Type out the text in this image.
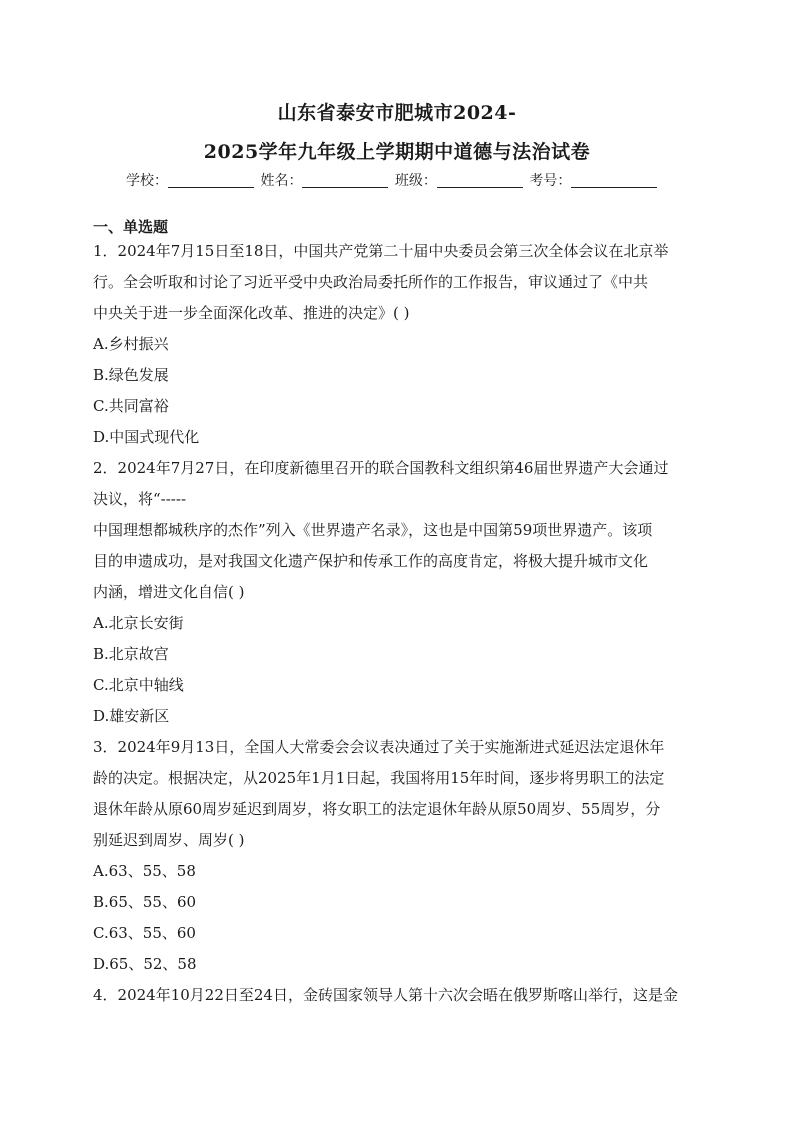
山东省泰安市肥城市2024-
2025学年九年级上学期期中道德与法治试卷
学校：	姓名：	班级：	考号：
一、单选题
1．2024年7月15日至18日，中国共产党第二十届中央委员会第三次全体会议在北京举
行。全会听取和讨论了习近平受中央政治局委托所作的工作报告，审议通过了《中共
中央关于进一步全面深化改革、推进的决定》( )
A.乡村振兴
B.绿色发展
C.共同富裕
D.中国式现代化
2．2024年7月27日，在印度新德里召开的联合国教科文组织第46届世界遗产大会通过
决议，将“-----
中国理想都城秩序的杰作”列入《世界遗产名录》，这也是中国第59项世界遗产。该项
目的申遗成功，是对我国文化遗产保护和传承工作的高度肯定，将极大提升城市文化
内涵，增进文化自信( )
A.北京长安街
B.北京故宫
C.北京中轴线
D.雄安新区
3．2024年9月13日，全国人大常委会会议表决通过了关于实施渐进式延迟法定退休年
龄的决定。根据决定，从2025年1月1日起，我国将用15年时间，逐步将男职工的法定
退休年龄从原60周岁延迟到周岁，将女职工的法定退休年龄从原50周岁、55周岁，分
别延迟到周岁、周岁( )
A.63、55、58
B.65、55、60
C.63、55、60
D.65、52、58
4．2024年10月22日至24日，金砖国家领导人第十六次会晤在俄罗斯喀山举行，这是金
